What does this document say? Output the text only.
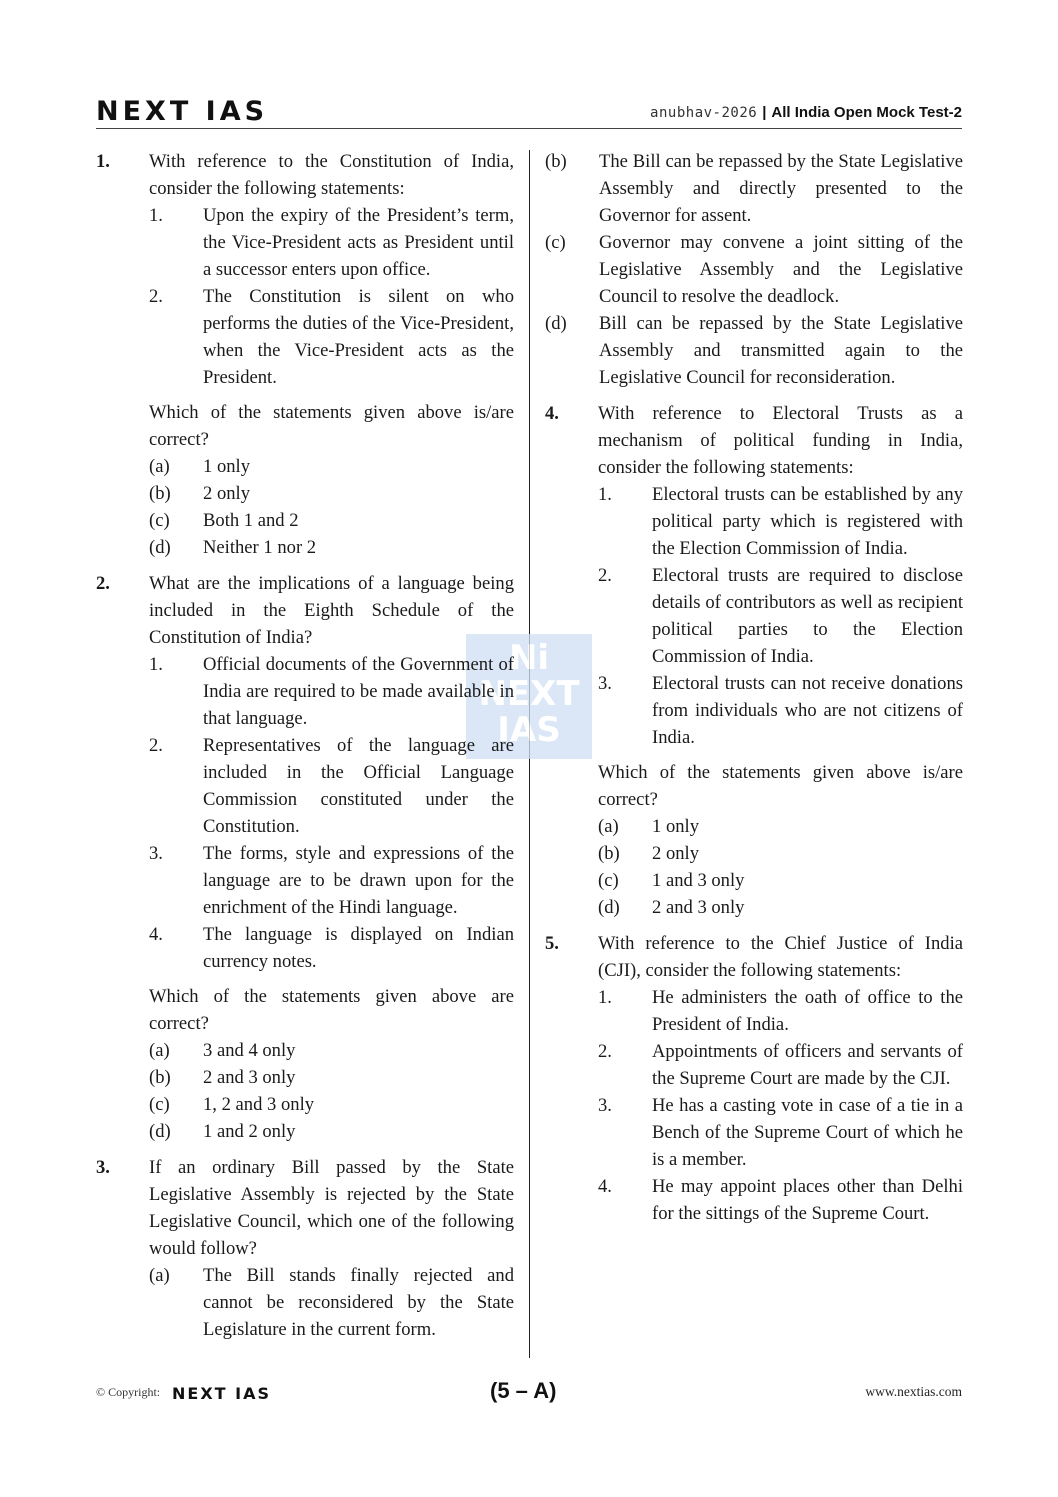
NEXT IAS	anubhav-2026 | All India Open Mock Test-2
Ni
NEXT
IAS
1. With reference to the Constitution of India, consider the following statements:
1. Upon the expiry of the President’s term, the Vice-President acts as President until a successor enters upon office.
2. The Constitution is silent on who performs the duties of the Vice-President, when the Vice-President acts as the President.
Which of the statements given above is/are correct?
(a) 1 only
(b) 2 only
(c) Both 1 and 2
(d) Neither 1 nor 2
2. What are the implications of a language being included in the Eighth Schedule of the Constitution of India?
1. Official documents of the Government of India are required to be made available in that language.
2. Representatives of the language are included in the Official Language Commission constituted under the Constitution.
3. The forms, style and expressions of the language are to be drawn upon for the enrichment of the Hindi language.
4. The language is displayed on Indian currency notes.
Which of the statements given above are correct?
(a) 3 and 4 only
(b) 2 and 3 only
(c) 1, 2 and 3 only
(d) 1 and 2 only
3. If an ordinary Bill passed by the State Legislative Assembly is rejected by the State Legislative Council, which one of the following would follow?
(a) The Bill stands finally rejected and cannot be reconsidered by the State Legislature in the current form.
(b) The Bill can be repassed by the State Legislative Assembly and directly presented to the Governor for assent.
(c) Governor may convene a joint sitting of the Legislative Assembly and the Legislative Council to resolve the deadlock.
(d) Bill can be repassed by the State Legislative Assembly and transmitted again to the Legislative Council for reconsideration.
4. With reference to Electoral Trusts as a mechanism of political funding in India, consider the following statements:
1. Electoral trusts can be established by any political party which is registered with the Election Commission of India.
2. Electoral trusts are required to disclose details of contributors as well as recipient political parties to the Election Commission of India.
3. Electoral trusts can not receive donations from individuals who are not citizens of India.
Which of the statements given above is/are correct?
(a) 1 only
(b) 2 only
(c) 1 and 3 only
(d) 2 and 3 only
5. With reference to the Chief Justice of India (CJI), consider the following statements:
1. He administers the oath of office to the President of India.
2. Appointments of officers and servants of the Supreme Court are made by the CJI.
3. He has a casting vote in case of a tie in a Bench of the Supreme Court of which he is a member.
4. He may appoint places other than Delhi for the sittings of the Supreme Court.
© Copyright: NEXT IAS	(5 – A)	www.nextias.com
